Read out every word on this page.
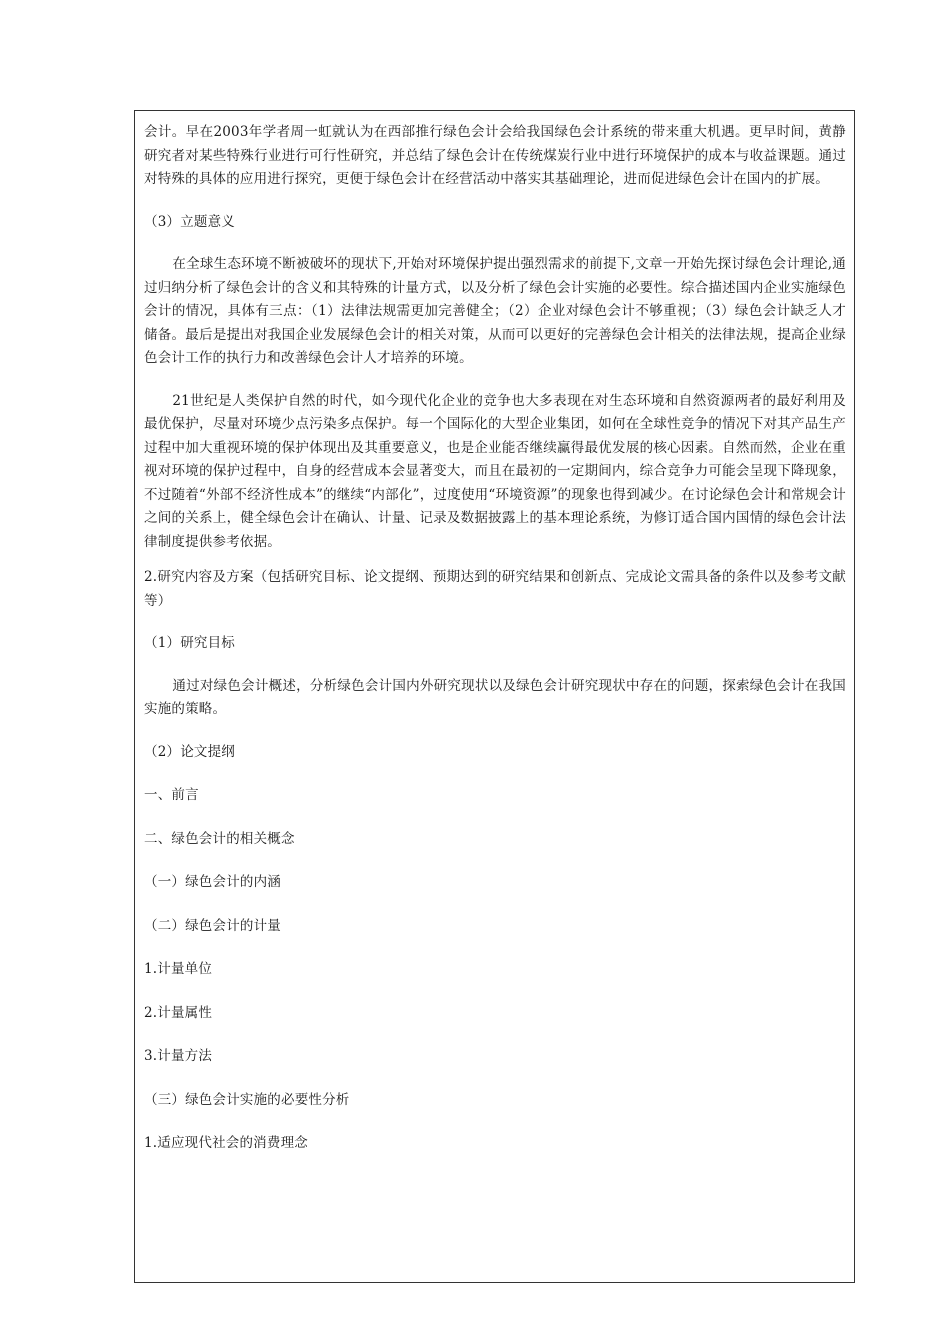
会计。早在2003年学者周一虹就认为在西部推行绿色会计会给我国绿色会计系统的带来重大机遇。更早时间，黄静研究者对某些特殊行业进行可行性研究，并总结了绿色会计在传统煤炭行业中进行环境保护的成本与收益课题。通过对特殊的具体的应用进行探究，更便于绿色会计在经营活动中落实其基础理论，进而促进绿色会计在国内的扩展。

（3）立题意义

在全球生态环境不断被破坏的现状下,开始对环境保护提出强烈需求的前提下,文章一开始先探讨绿色会计理论,通过归纳分析了绿色会计的含义和其特殊的计量方式，以及分析了绿色会计实施的必要性。综合描述国内企业实施绿色会计的情况，具体有三点：（1）法律法规需更加完善健全；（2）企业对绿色会计不够重视；（3）绿色会计缺乏人才储备。最后是提出对我国企业发展绿色会计的相关对策，从而可以更好的完善绿色会计相关的法律法规，提高企业绿色会计工作的执行力和改善绿色会计人才培养的环境。

21世纪是人类保护自然的时代，如今现代化企业的竞争也大多表现在对生态环境和自然资源两者的最好利用及最优保护，尽量对环境少点污染多点保护。每一个国际化的大型企业集团，如何在全球性竞争的情况下对其产品生产过程中加大重视环境的保护体现出及其重要意义，也是企业能否继续赢得最优发展的核心因素。自然而然，企业在重视对环境的保护过程中，自身的经营成本会显著变大，而且在最初的一定期间内，综合竞争力可能会呈现下降现象，不过随着“外部不经济性成本”的继续“内部化”，过度使用“环境资源”的现象也得到减少。在讨论绿色会计和常规会计之间的关系上，健全绿色会计在确认、计量、记录及数据披露上的基本理论系统，为修订适合国内国情的绿色会计法律制度提供参考依据。

2.研究内容及方案（包括研究目标、论文提纲、预期达到的研究结果和创新点、完成论文需具备的条件以及参考文献等）

（1）研究目标

通过对绿色会计概述，分析绿色会计国内外研究现状以及绿色会计研究现状中存在的问题，探索绿色会计在我国实施的策略。

（2）论文提纲

一、前言

二、绿色会计的相关概念

（一）绿色会计的内涵

（二）绿色会计的计量

1.计量单位

2.计量属性

3.计量方法

（三）绿色会计实施的必要性分析

1.适应现代社会的消费理念
